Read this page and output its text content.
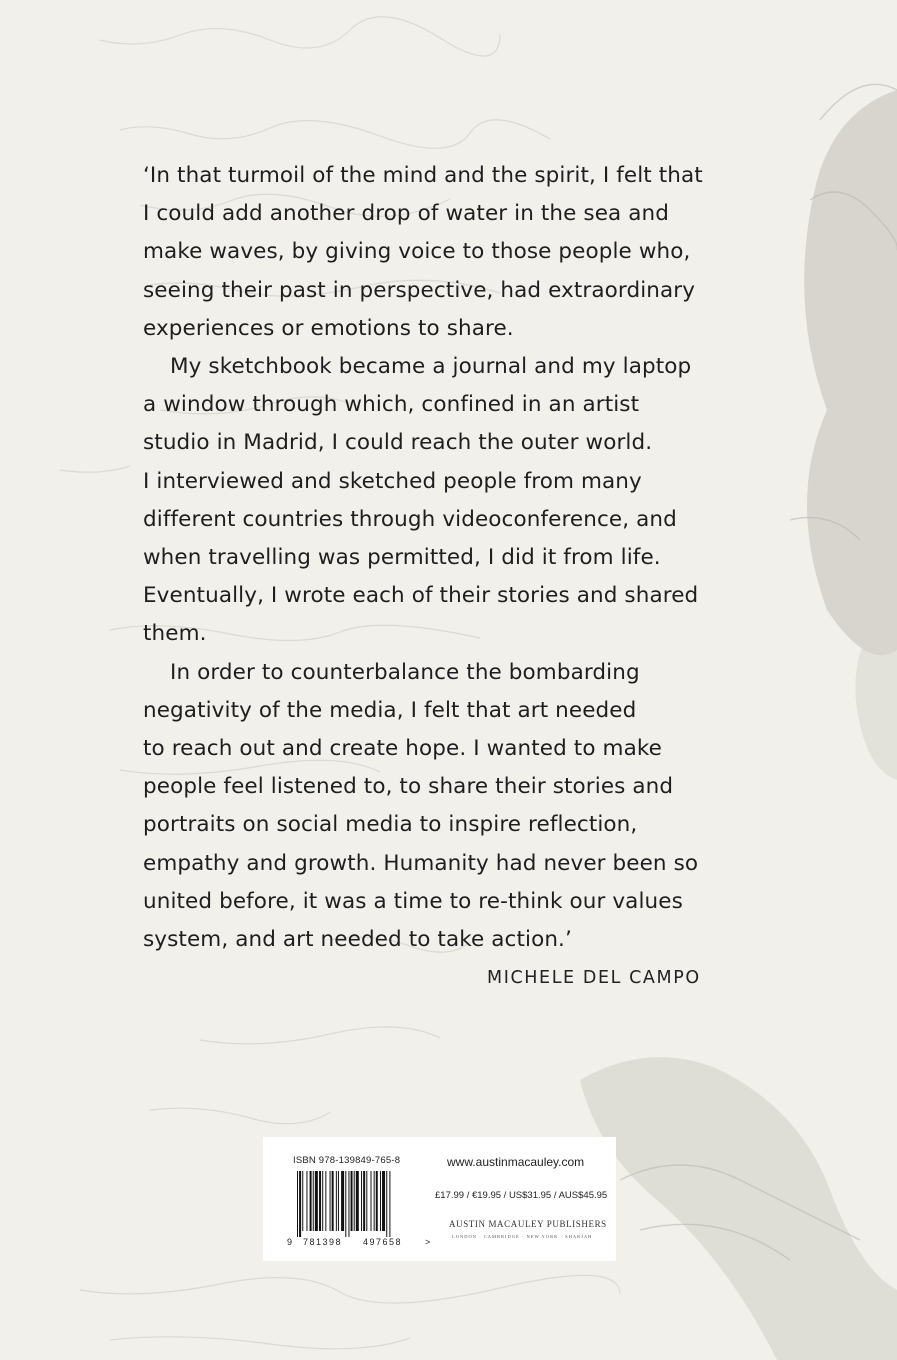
‘In that turmoil of the mind and the spirit, I felt that
I could add another drop of water in the sea and
make waves, by giving voice to those people who,
seeing their past in perspective, had extraordinary
experiences or emotions to share.

My sketchbook became a journal and my laptop
a window through which, confined in an artist
studio in Madrid, I could reach the outer world.
I interviewed and sketched people from many
different countries through videoconference, and
when travelling was permitted, I did it from life.
Eventually, I wrote each of their stories and shared
them.

In order to counterbalance the bombarding
negativity of the media, I felt that art needed
to reach out and create hope. I wanted to make
people feel listened to, to share their stories and
portraits on social media to inspire reflection,
empathy and growth. Humanity had never been so
united before, it was a time to re-think our values
system, and art needed to take action.’

MICHELE DEL CAMPO
ISBN 978-139849-765-8
9 781398 497658	>
www.austinmacauley.com
£17.99 / €19.95 / US$31.95 / AUS$45.95
AUSTIN MACAULEY PUBLISHERS
LONDON · CAMBRIDGE · NEW YORK · SHARJAH
